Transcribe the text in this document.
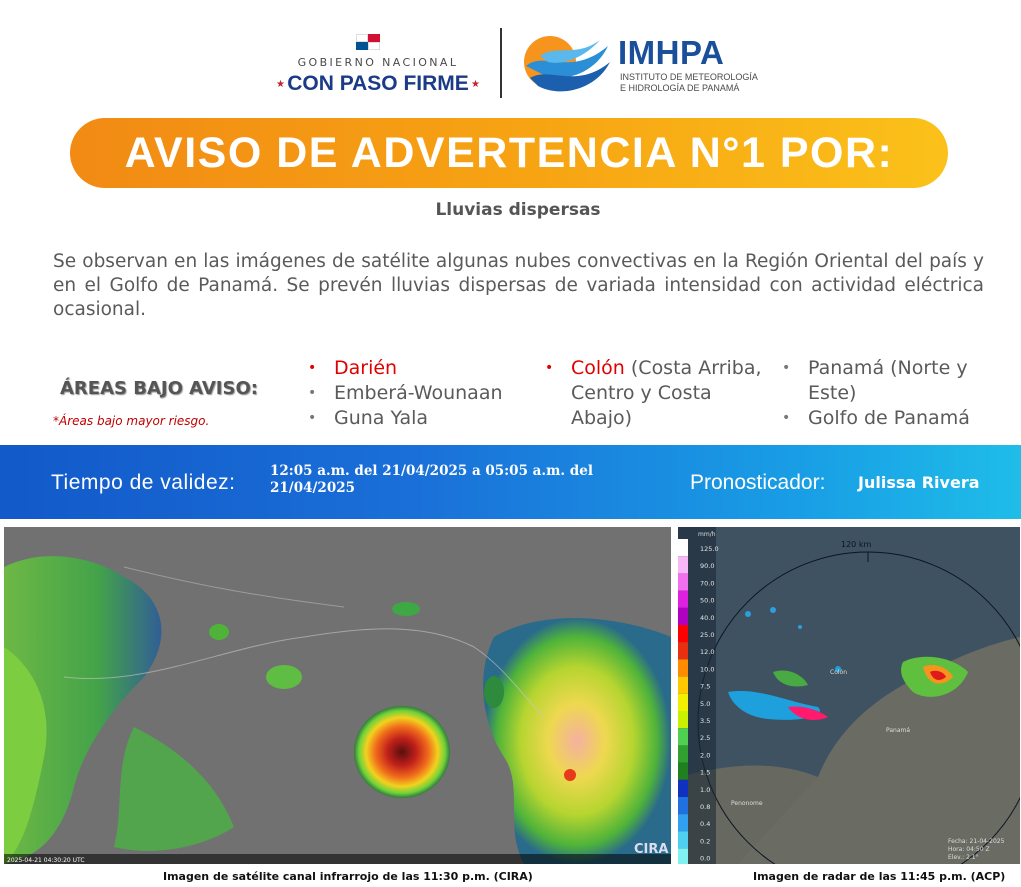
GOBIERNO NACIONAL
★ CON PASO FIRME ★
IMHPA
INSTITUTO DE METEOROLOGÍA
E HIDROLOGÍA DE PANAMÁ
AVISO DE ADVERTENCIA N°1 POR:
Lluvias dispersas
Se observan en las imágenes de satélite algunas nubes convectivas en la Región Oriental del país y en el Golfo de Panamá. Se prevén lluvias dispersas de variada intensidad con actividad eléctrica ocasional.
ÁREAS BAJO AVISO:
*Áreas bajo mayor riesgo.
• Darién
• Emberá-Wounaan
• Guna Yala
• Colón (Costa Arriba, Centro y Costa Abajo)
• Panamá (Norte y Este)
• Golfo de Panamá
Tiempo de validez:	12:05 a.m. del 21/04/2025 a 05:05 a.m. del 21/04/2025	Pronosticador: Julissa Rivera
2025-04-21 04:30:20 UTC
CIRA
120 km
Colón
Panamá
Penonome
mm/h
125.0
90.0
70.0
50.0
40.0
25.0
12.0
10.0
7.5
5.0
3.5
2.5
2.0
1.5
1.0
0.8
0.4
0.2
0.0
Fecha: 21-04-2025
Hora: 04:50 Z
Elev.: 2.1°
Imagen de satélite canal infrarrojo de las 11:30 p.m. (CIRA)	Imagen de radar de las 11:45 p.m. (ACP)
